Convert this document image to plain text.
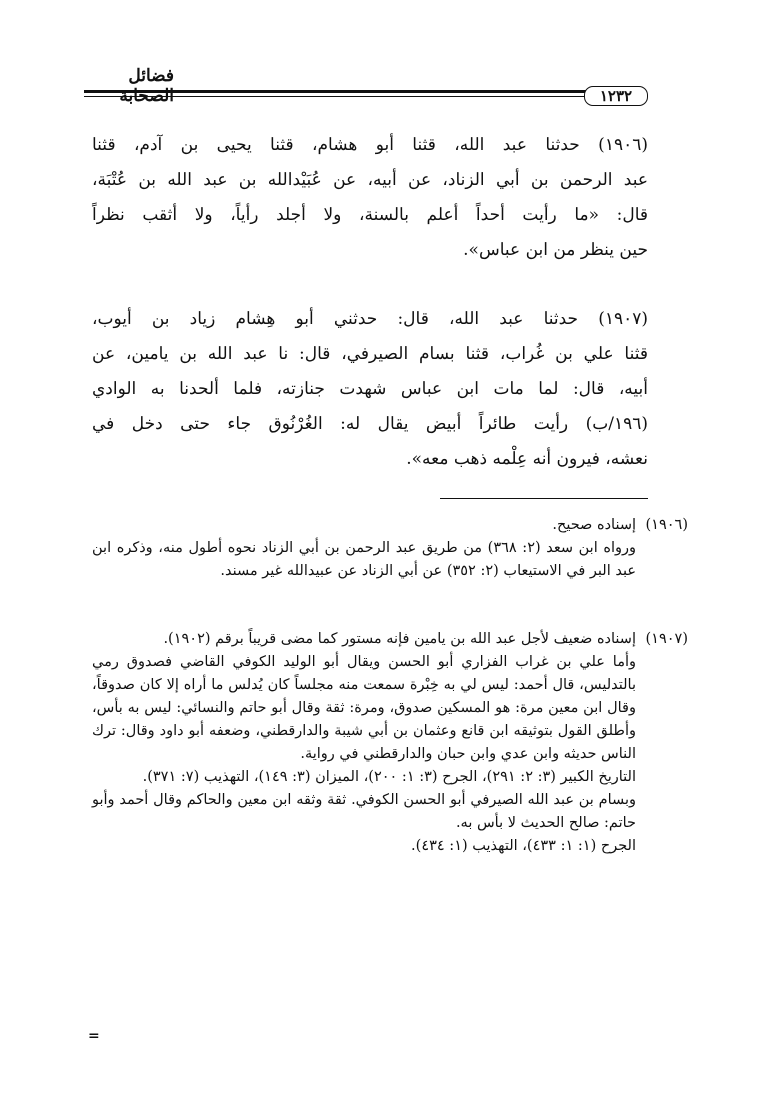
فضائل الصحابة	١٢٣٢
(١٩٠٦) حدثنا عبد الله، قثنا أبو هشام، قثنا يحيى بن آدم، قثنا
عبد الرحمن بن أبي الزناد، عن أبيه، عن عُبَيْدالله بن عبد الله بن عُتْبَة،
قال: «ما رأيت أحداً أعلم بالسنة، ولا أجلد رأياً، ولا أثقب نظراً
حين ينظر من ابن عباس».
(١٩٠٧) حدثنا عبد الله، قال: حدثني أبو هِشام زياد بن أيوب،
قثنا علي بن غُراب، قثنا بسام الصيرفي، قال: نا عبد الله بن يامين، عن
أبيه، قال: لما مات ابن عباس شهدت جنازته، فلما ألحدنا به الوادي
(١٩٦/ب) رأيت طائراً أبيض يقال له: الغُرْنُوق جاء حتى دخل في
نعشه، فيرون أنه عِلْمه ذهب معه».
(١٩٠٦)
إسناده صحيح.
ورواه ابن سعد (٢: ٣٦٨) من طريق عبد الرحمن بن أبي الزناد نحوه أطول منه، وذكره ابن عبد البر في الاستيعاب (٢: ٣٥٢) عن أبي الزناد عن عبيدالله غير مسند.
(١٩٠٧)
إسناده ضعيف لأجل عبد الله بن يامين فإنه مستور كما مضى قريباً برقم (١٩٠٢).
وأما علي بن غراب الفزاري أبو الحسن ويقال أبو الوليد الكوفي القاضي فصدوق رمي بالتدليس، قال أحمد: ليس لي به خِبْرة سمعت منه مجلساً كان يُدلس ما أراه إلا كان صدوقاً، وقال ابن معين مرة: هو المسكين صدوق، ومرة: ثقة وقال أبو حاتم والنسائي: ليس به بأس، وأطلق القول بتوثيقه ابن قانع وعثمان بن أبي شيبة والدارقطني، وضعفه أبو داود وقال: ترك الناس حديثه وابن عدي وابن حبان والدارقطني في رواية.
التاريخ الكبير (٣: ٢: ٢٩١)، الجرح (٣: ١: ٢٠٠)، الميزان (٣: ١٤٩)، التهذيب (٧: ٣٧١).
وبسام بن عبد الله الصيرفي أبو الحسن الكوفي. ثقة وثقه ابن معين والحاكم وقال أحمد وأبو حاتم: صالح الحديث لا بأس به.
الجرح (١: ١: ٤٣٣)، التهذيب (١: ٤٣٤).
=
